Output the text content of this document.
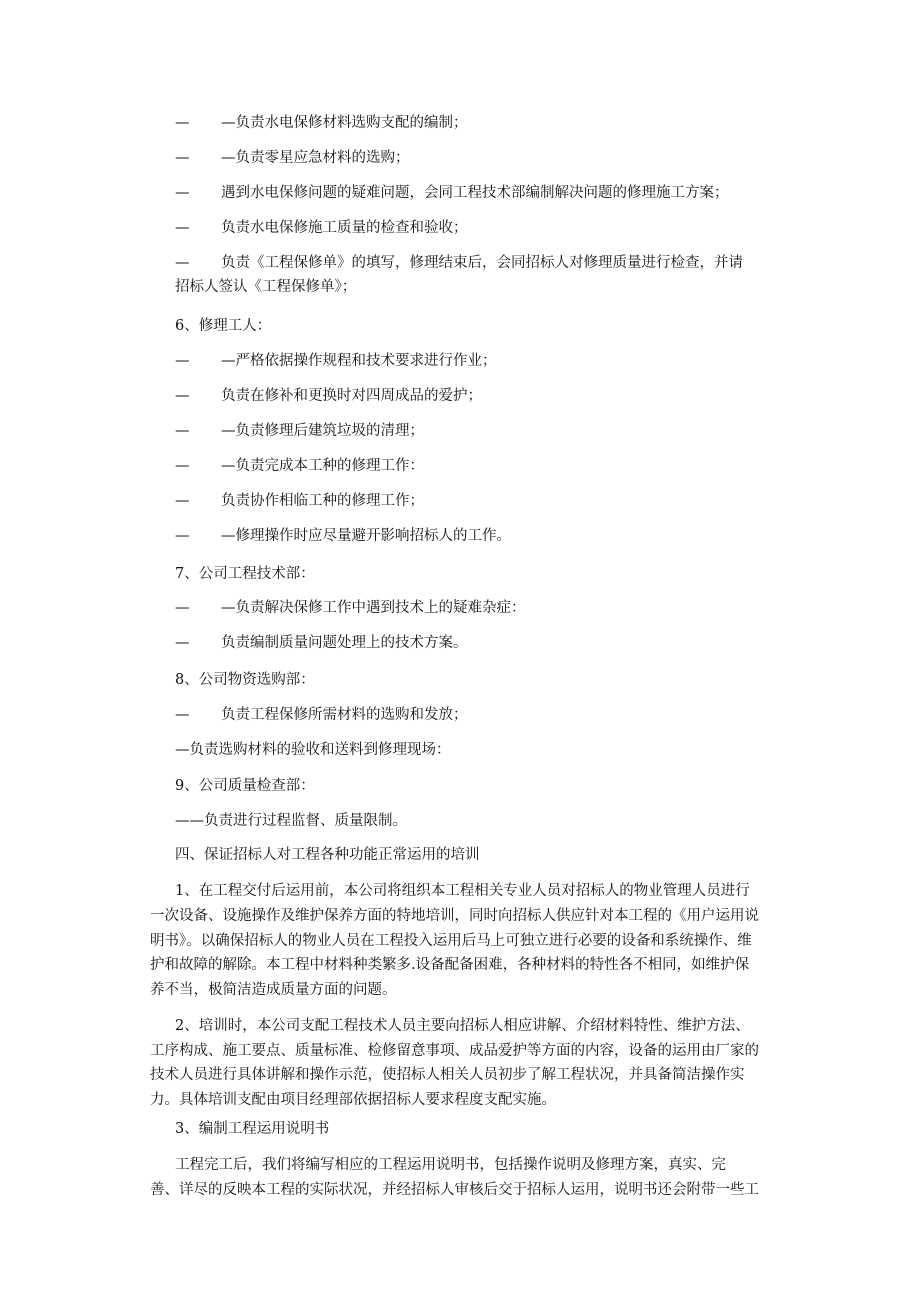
— —负责水电保修材料选购支配的编制；
— —负责零星应急材料的选购；
— 遇到水电保修问题的疑难问题，会同工程技术部编制解决问题的修理施工方案；
— 负责水电保修施工质量的检查和验收；
— 负责《工程保修单》的填写，修理结束后，会同招标人对修理质量进行检查，并请
招标人签认《工程保修单》；
6、修理工人：
— —严格依据操作规程和技术要求进行作业；
— 负责在修补和更换时对四周成品的爱护；
— —负责修理后建筑垃圾的清理；
— —负责完成本工种的修理工作：
— 负责协作相临工种的修理工作；
— —修理操作时应尽量避开影响招标人的工作。
7、公司工程技术部：
— —负责解决保修工作中遇到技术上的疑难杂症：
— 负责编制质量问题处理上的技术方案。
8、公司物资选购部：
— 负责工程保修所需材料的选购和发放；
—负责选购材料的验收和送料到修理现场：
9、公司质量检查部：
——负责进行过程监督、质量限制。
四、保证招标人对工程各种功能正常运用的培训
1、在工程交付后运用前，本公司将组织本工程相关专业人员对招标人的物业管理人员进行
一次设备、设施操作及维护保养方面的特地培训，同时向招标人供应针对本工程的《用户运用说
明书》。以确保招标人的物业人员在工程投入运用后马上可独立进行必要的设备和系统操作、维
护和故障的解除。本工程中材料种类繁多.设备配备困难，各种材料的特性各不相同，如维护保
养不当，极简洁造成质量方面的问题。
2、培训时，本公司支配工程技术人员主要向招标人相应讲解、介绍材料特性、维护方法、
工序构成、施工要点、质量标准、检修留意事项、成品爱护等方面的内容，设备的运用由厂家的
技术人员进行具体讲解和操作示范，使招标人相关人员初步了解工程状况，并具备简洁操作实
力。具体培训支配由项目经理部依据招标人要求程度支配实施。
3、编制工程运用说明书
工程完工后，我们将编写相应的工程运用说明书，包括操作说明及修理方案，真实、完
善、详尽的反映本工程的实际状况，并经招标人审核后交于招标人运用，说明书还会附带一些工
